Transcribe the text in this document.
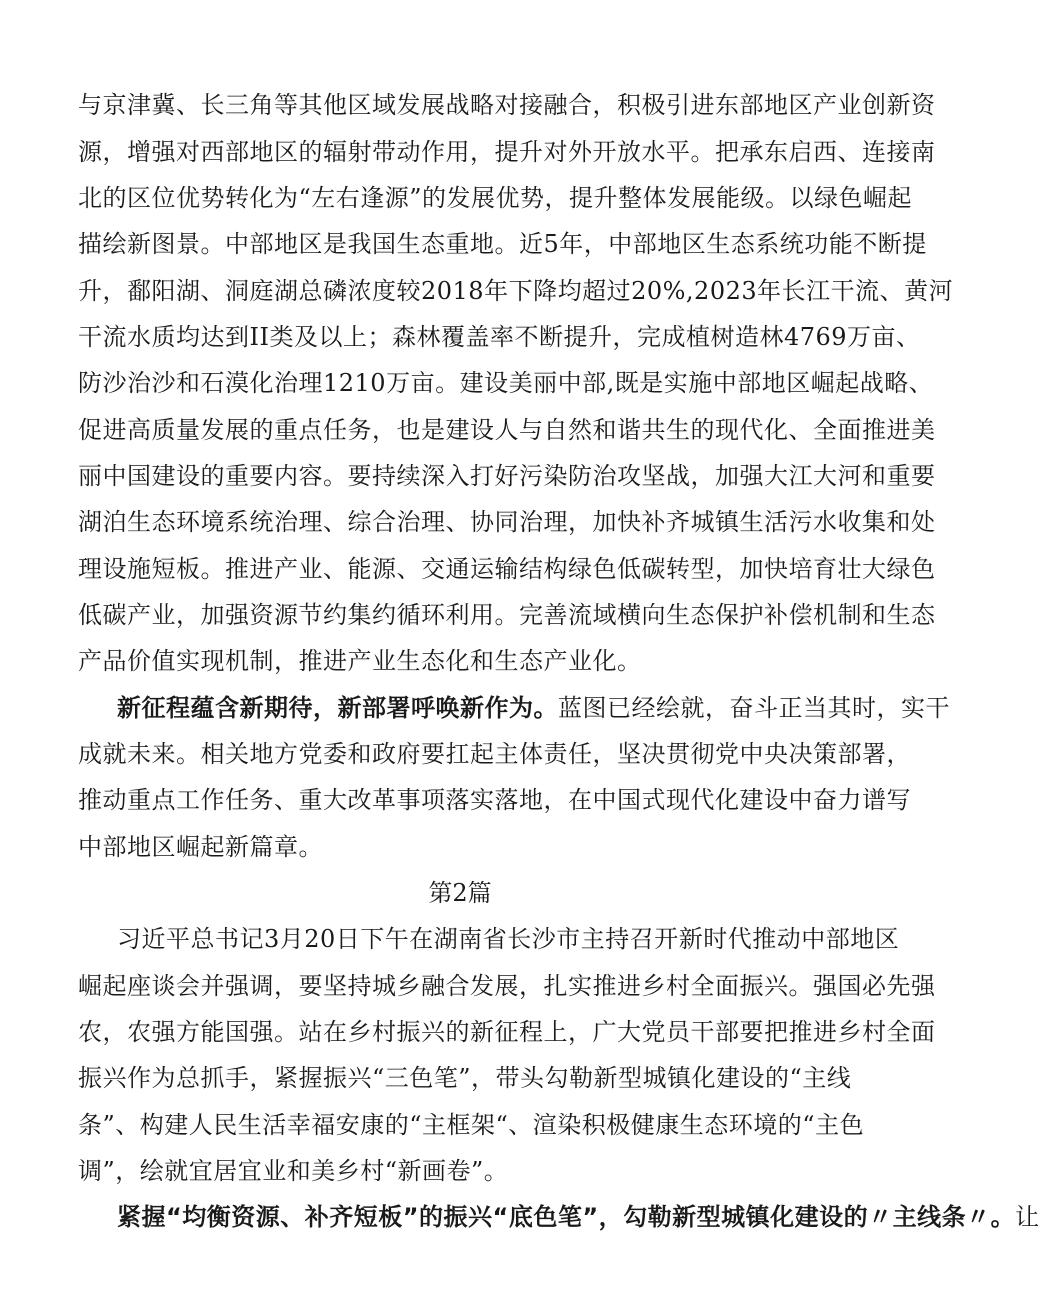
与京津冀、长三角等其他区域发展战略对接融合，积极引进东部地区产业创新资
源，增强对西部地区的辐射带动作用，提升对外开放水平。把承东启西、连接南
北的区位优势转化为“左右逢源”的发展优势，提升整体发展能级。以绿色崛起
描绘新图景。中部地区是我国生态重地。近5年，中部地区生态系统功能不断提
升，鄱阳湖、洞庭湖总磷浓度较2018年下降均超过20%,2023年长江干流、黄河
干流水质均达到II类及以上；森林覆盖率不断提升，完成植树造林4769万亩、
防沙治沙和石漠化治理1210万亩。建设美丽中部,既是实施中部地区崛起战略、
促进高质量发展的重点任务，也是建设人与自然和谐共生的现代化、全面推进美
丽中国建设的重要内容。要持续深入打好污染防治攻坚战，加强大江大河和重要
湖泊生态环境系统治理、综合治理、协同治理，加快补齐城镇生活污水收集和处
理设施短板。推进产业、能源、交通运输结构绿色低碳转型，加快培育壮大绿色
低碳产业，加强资源节约集约循环利用。完善流域横向生态保护补偿机制和生态
产品价值实现机制，推进产业生态化和生态产业化。
新征程蕴含新期待，新部署呼唤新作为。蓝图已经绘就，奋斗正当其时，实干
成就未来。相关地方党委和政府要扛起主体责任，坚决贯彻党中央决策部署，
推动重点工作任务、重大改革事项落实落地，在中国式现代化建设中奋力谱写
中部地区崛起新篇章。
第2篇
习近平总书记3月20日下午在湖南省长沙市主持召开新时代推动中部地区
崛起座谈会并强调，要坚持城乡融合发展，扎实推进乡村全面振兴。强国必先强
农，农强方能国强。站在乡村振兴的新征程上，广大党员干部要把推进乡村全面
振兴作为总抓手，紧握振兴“三色笔”，带头勾勒新型城镇化建设的“主线
条”、构建人民生活幸福安康的“主框架“、渲染积极健康生态环境的“主色
调”，绘就宜居宜业和美乡村“新画卷”。
紧握“均衡资源、补齐短板”的振兴“底色笔”，勾勒新型城镇化建设的〃主线条〃。让
